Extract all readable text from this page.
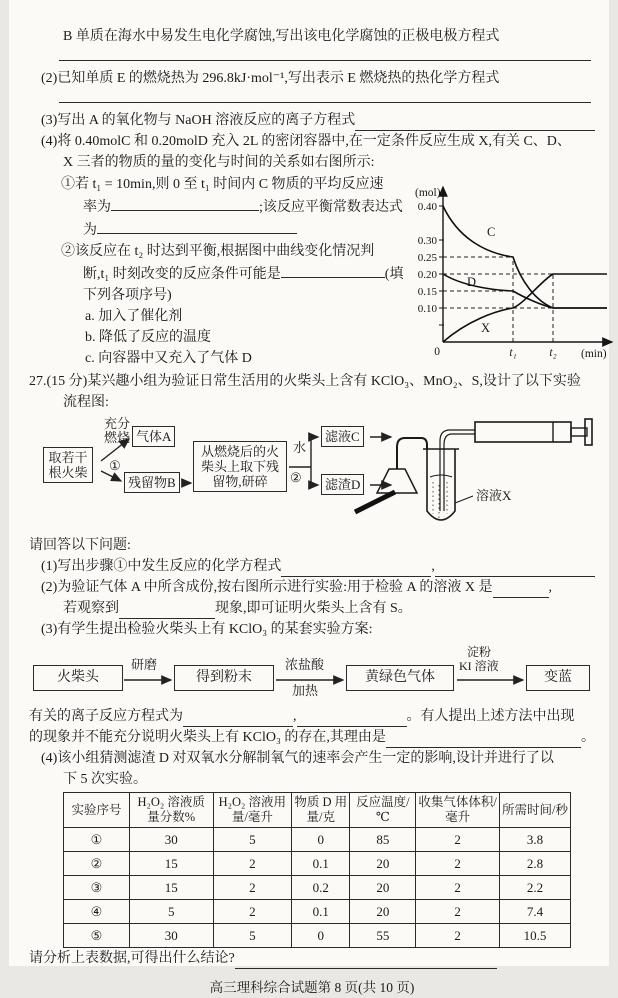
B 单质在海水中易发生电化学腐蚀,写出该电化学腐蚀的正极电极方程式
(2)已知单质 E 的燃烧热为 296.8kJ·mol⁻¹,写出表示 E 燃烧热的热化学方程式
(3)写出 A 的氧化物与 NaOH 溶液反应的离子方程式
(4)将 0.40molC 和 0.20molD 充入 2L 的密闭容器中,在一定条件反应生成 X,有关 C、D、
X 三者的物质的量的变化与时间的关系如右图所示:
①若 t₁ = 10min,则 0 至 t₁ 时间内 C 物质的平均反应速
率为	;该反应平衡常数表达式
为
②该反应在 t₂ 时达到平衡,根据图中曲线变化情况判
断,t₁ 时刻改变的反应条件可能是	(填
下列各项序号)
a. 加入了催化剂
b. 降低了反应的温度
c. 向容器中又充入了气体 D
(mol)
(min)
0.40
0.30
0.25
0.20
0.15
0.10
0	t₁	t₂
C
D
X
27.(15 分)某兴趣小组为验证日常生活用的火柴头上含有 KClO₃、MnO₂、S,设计了以下实验
流程图:
取若干根火柴
充分燃烧
①
气体A
残留物B
从燃烧后的火柴头上取下残留物,研碎
水
②
滤液C
滤渣D
溶液X
请回答以下问题:
(1)写出步骤①中发生反应的化学方程式	,
(2)为验证气体 A 中所含成份,按右图所示进行实验:用于检验 A 的溶液 X 是	,
若观察到	现象,即可证明火柴头上含有 S。
(3)有学生提出检验火柴头上有 KClO₃ 的某套实验方案:
火柴头
研磨
得到粉末
浓盐酸
加热
黄绿色气体
淀粉
KI 溶液
变蓝
有关的离子反应方程式为	,	。有人提出上述方法中出现
的现象并不能充分说明火柴头上有 KClO₃ 的存在,其理由是	。
(4)该小组猜测滤渣 D 对双氧水分解制氧气的速率会产生一定的影响,设计并进行了以
下 5 次实验。
实验序号	H₂O₂ 溶液质量分数%	H₂O₂ 溶液用量/毫升	物质 D 用量/克	反应温度/℃	收集气体体积/毫升	所需时间/秒
①	30	5	0	85	2	3.8
②	15	2	0.1	20	2	2.8
③	15	2	0.2	20	2	2.2
④	5	2	0.1	20	2	7.4
⑤	30	5	0	55	2	10.5
请分析上表数据,可得出什么结论?
高三理科综合试题第 8 页(共 10 页)
